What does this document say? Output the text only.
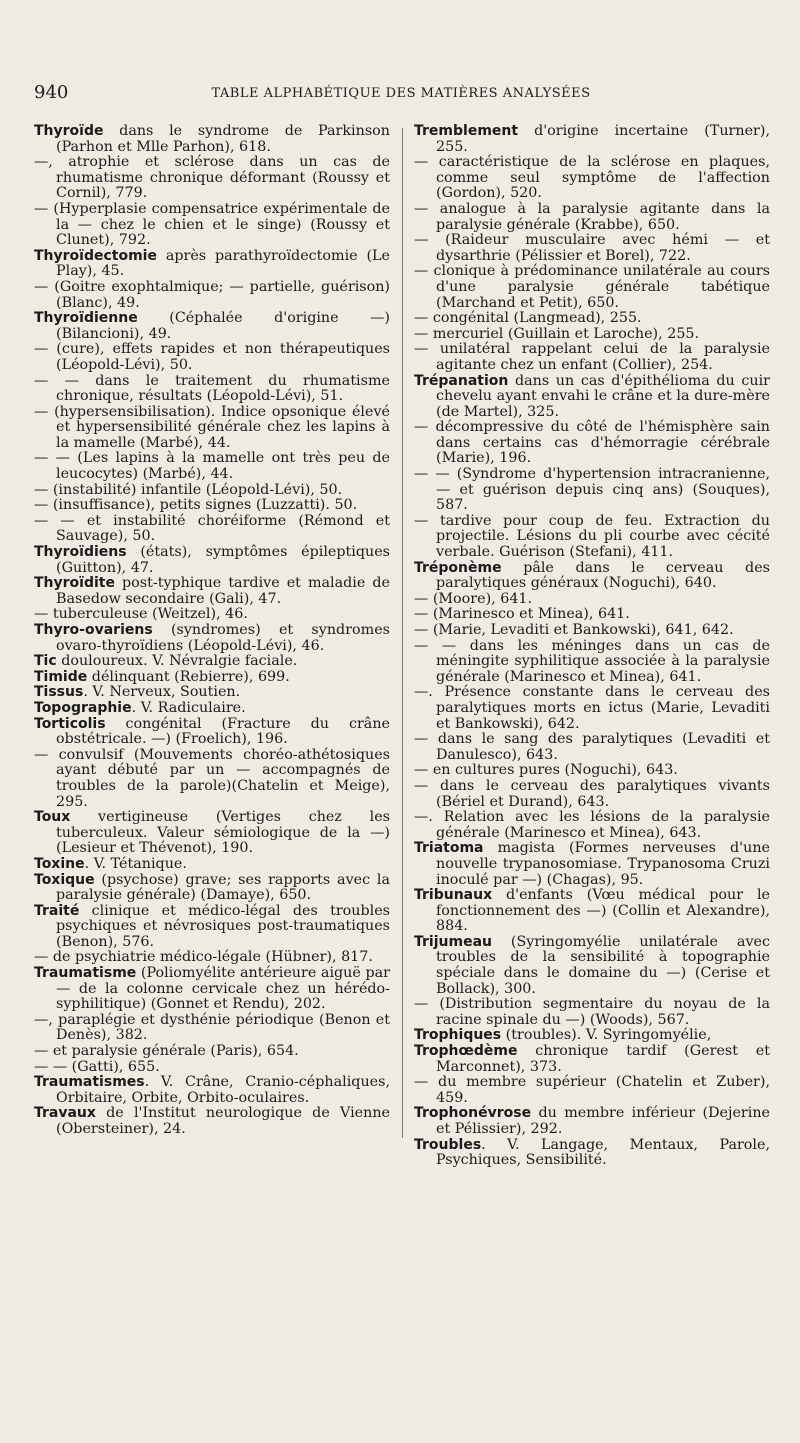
940	TABLE ALPHABÉTIQUE DES MATIÈRES ANALYSÉES

Thyroïde dans le syndrome de Parkinson (Parhon et Mlle Parhon), 618.

—, atrophie et sclérose dans un cas de rhumatisme chronique déformant (Roussy et Cornil), 779.

— (Hyperplasie compensatrice expérimentale de la — chez le chien et le singe) (Roussy et Clunet), 792.

Thyroïdectomie après parathyroïdectomie (Le Play), 45.

— (Goitre exophtalmique; — partielle, guérison) (Blanc), 49.

Thyroïdienne (Céphalée d'origine —) (Bilancioni), 49.

— (cure), effets rapides et non thérapeutiques (Léopold-Lévi), 50.

— — dans le traitement du rhumatisme chronique, résultats (Léopold-Lévi), 51.

— (hypersensibilisation). Indice opsonique élevé et hypersensibilité générale chez les lapins à la mamelle (Marbé), 44.

— — (Les lapins à la mamelle ont très peu de leucocytes) (Marbé), 44.

— (instabilité) infantile (Léopold-Lévi), 50.

— (insuffisance), petits signes (Luzzatti). 50.

— — et instabilité choréiforme (Rémond et Sauvage), 50.

Thyroïdiens (états), symptômes épileptiques (Guitton), 47.

Thyroïdite post-typhique tardive et maladie de Basedow secondaire (Gali), 47.

— tuberculeuse (Weitzel), 46.

Thyro-ovariens (syndromes) et syndromes ovaro-thyroïdiens (Léopold-Lévi), 46.

Tic douloureux. V. Névralgie faciale.

Timide délinquant (Rebierre), 699.

Tissus. V. Nerveux, Soutien.

Topographie. V. Radiculaire.

Torticolis congénital (Fracture du crâne obstétricale. —) (Froelich), 196.

— convulsif (Mouvements choréo-athétosiques ayant débuté par un — accompagnés de troubles de la parole)(Chatelin et Meige), 295.

Toux vertigineuse (Vertiges chez les tuberculeux. Valeur sémiologique de la —) (Lesieur et Thévenot), 190.

Toxine. V. Tétanique.

Toxique (psychose) grave; ses rapports avec la paralysie générale) (Damaye), 650.

Traité clinique et médico-légal des troubles psychiques et névrosiques post-traumatiques (Benon), 576.

— de psychiatrie médico-légale (Hübner), 817.

Traumatisme (Poliomyélite antérieure aiguë par — de la colonne cervicale chez un hérédo-syphilitique) (Gonnet et Rendu), 202.

—, paraplégie et dysthénie périodique (Benon et Denès), 382.

— et paralysie générale (Paris), 654.

— — (Gatti), 655.

Traumatismes. V. Crâne, Cranio-céphaliques, Orbitaire, Orbite, Orbito-oculaires.

Travaux de l'Institut neurologique de Vienne (Obersteiner), 24.

Tremblement d'origine incertaine (Turner), 255.

— caractéristique de la sclérose en plaques, comme seul symptôme de l'affection (Gordon), 520.

— analogue à la paralysie agitante dans la paralysie générale (Krabbe), 650.

— (Raideur musculaire avec hémi — et dysarthrie (Pélissier et Borel), 722.

— clonique à prédominance unilatérale au cours d'une paralysie générale tabétique (Marchand et Petit), 650.

— congénital (Langmead), 255.

— mercuriel (Guillain et Laroche), 255.

— unilatéral rappelant celui de la paralysie agitante chez un enfant (Collier), 254.

Trépanation dans un cas d'épithélioma du cuir chevelu ayant envahi le crâne et la dure-mère (de Martel), 325.

— décompressive du côté de l'hémisphère sain dans certains cas d'hémorragie cérébrale (Marie), 196.

— — (Syndrome d'hypertension intracranienne, — et guérison depuis cinq ans) (Souques), 587.

— tardive pour coup de feu. Extraction du projectile. Lésions du pli courbe avec cécité verbale. Guérison (Stefani), 411.

Tréponème pâle dans le cerveau des paralytiques généraux (Noguchi), 640.

— (Moore), 641.

— (Marinesco et Minea), 641.

— (Marie, Levaditi et Bankowski), 641, 642.

— — dans les méninges dans un cas de méningite syphilitique associée à la paralysie générale (Marinesco et Minea), 641.

—. Présence constante dans le cerveau des paralytiques morts en ictus (Marie, Levaditi et Bankowski), 642.

— dans le sang des paralytiques (Levaditi et Danulesco), 643.

— en cultures pures (Noguchi), 643.

— dans le cerveau des paralytiques vivants (Bériel et Durand), 643.

—. Relation avec les lésions de la paralysie générale (Marinesco et Minea), 643.

Triatoma magista (Formes nerveuses d'une nouvelle trypanosomiase. Trypanosoma Cruzi inoculé par —) (Chagas), 95.

Tribunaux d'enfants (Vœu médical pour le fonctionnement des —) (Collin et Alexandre), 884.

Trijumeau (Syringomyélie unilatérale avec troubles de la sensibilité à topographie spéciale dans le domaine du —) (Cerise et Bollack), 300.

— (Distribution segmentaire du noyau de la racine spinale du —) (Woods), 567.

Trophiques (troubles). V. Syringomyélie,

Trophœdème chronique tardif (Gerest et Marconnet), 373.

— du membre supérieur (Chatelin et Zuber), 459.

Trophonévrose du membre inférieur (Dejerine et Pélissier), 292.

Troubles. V. Langage, Mentaux, Parole, Psychiques, Sensibilité.
